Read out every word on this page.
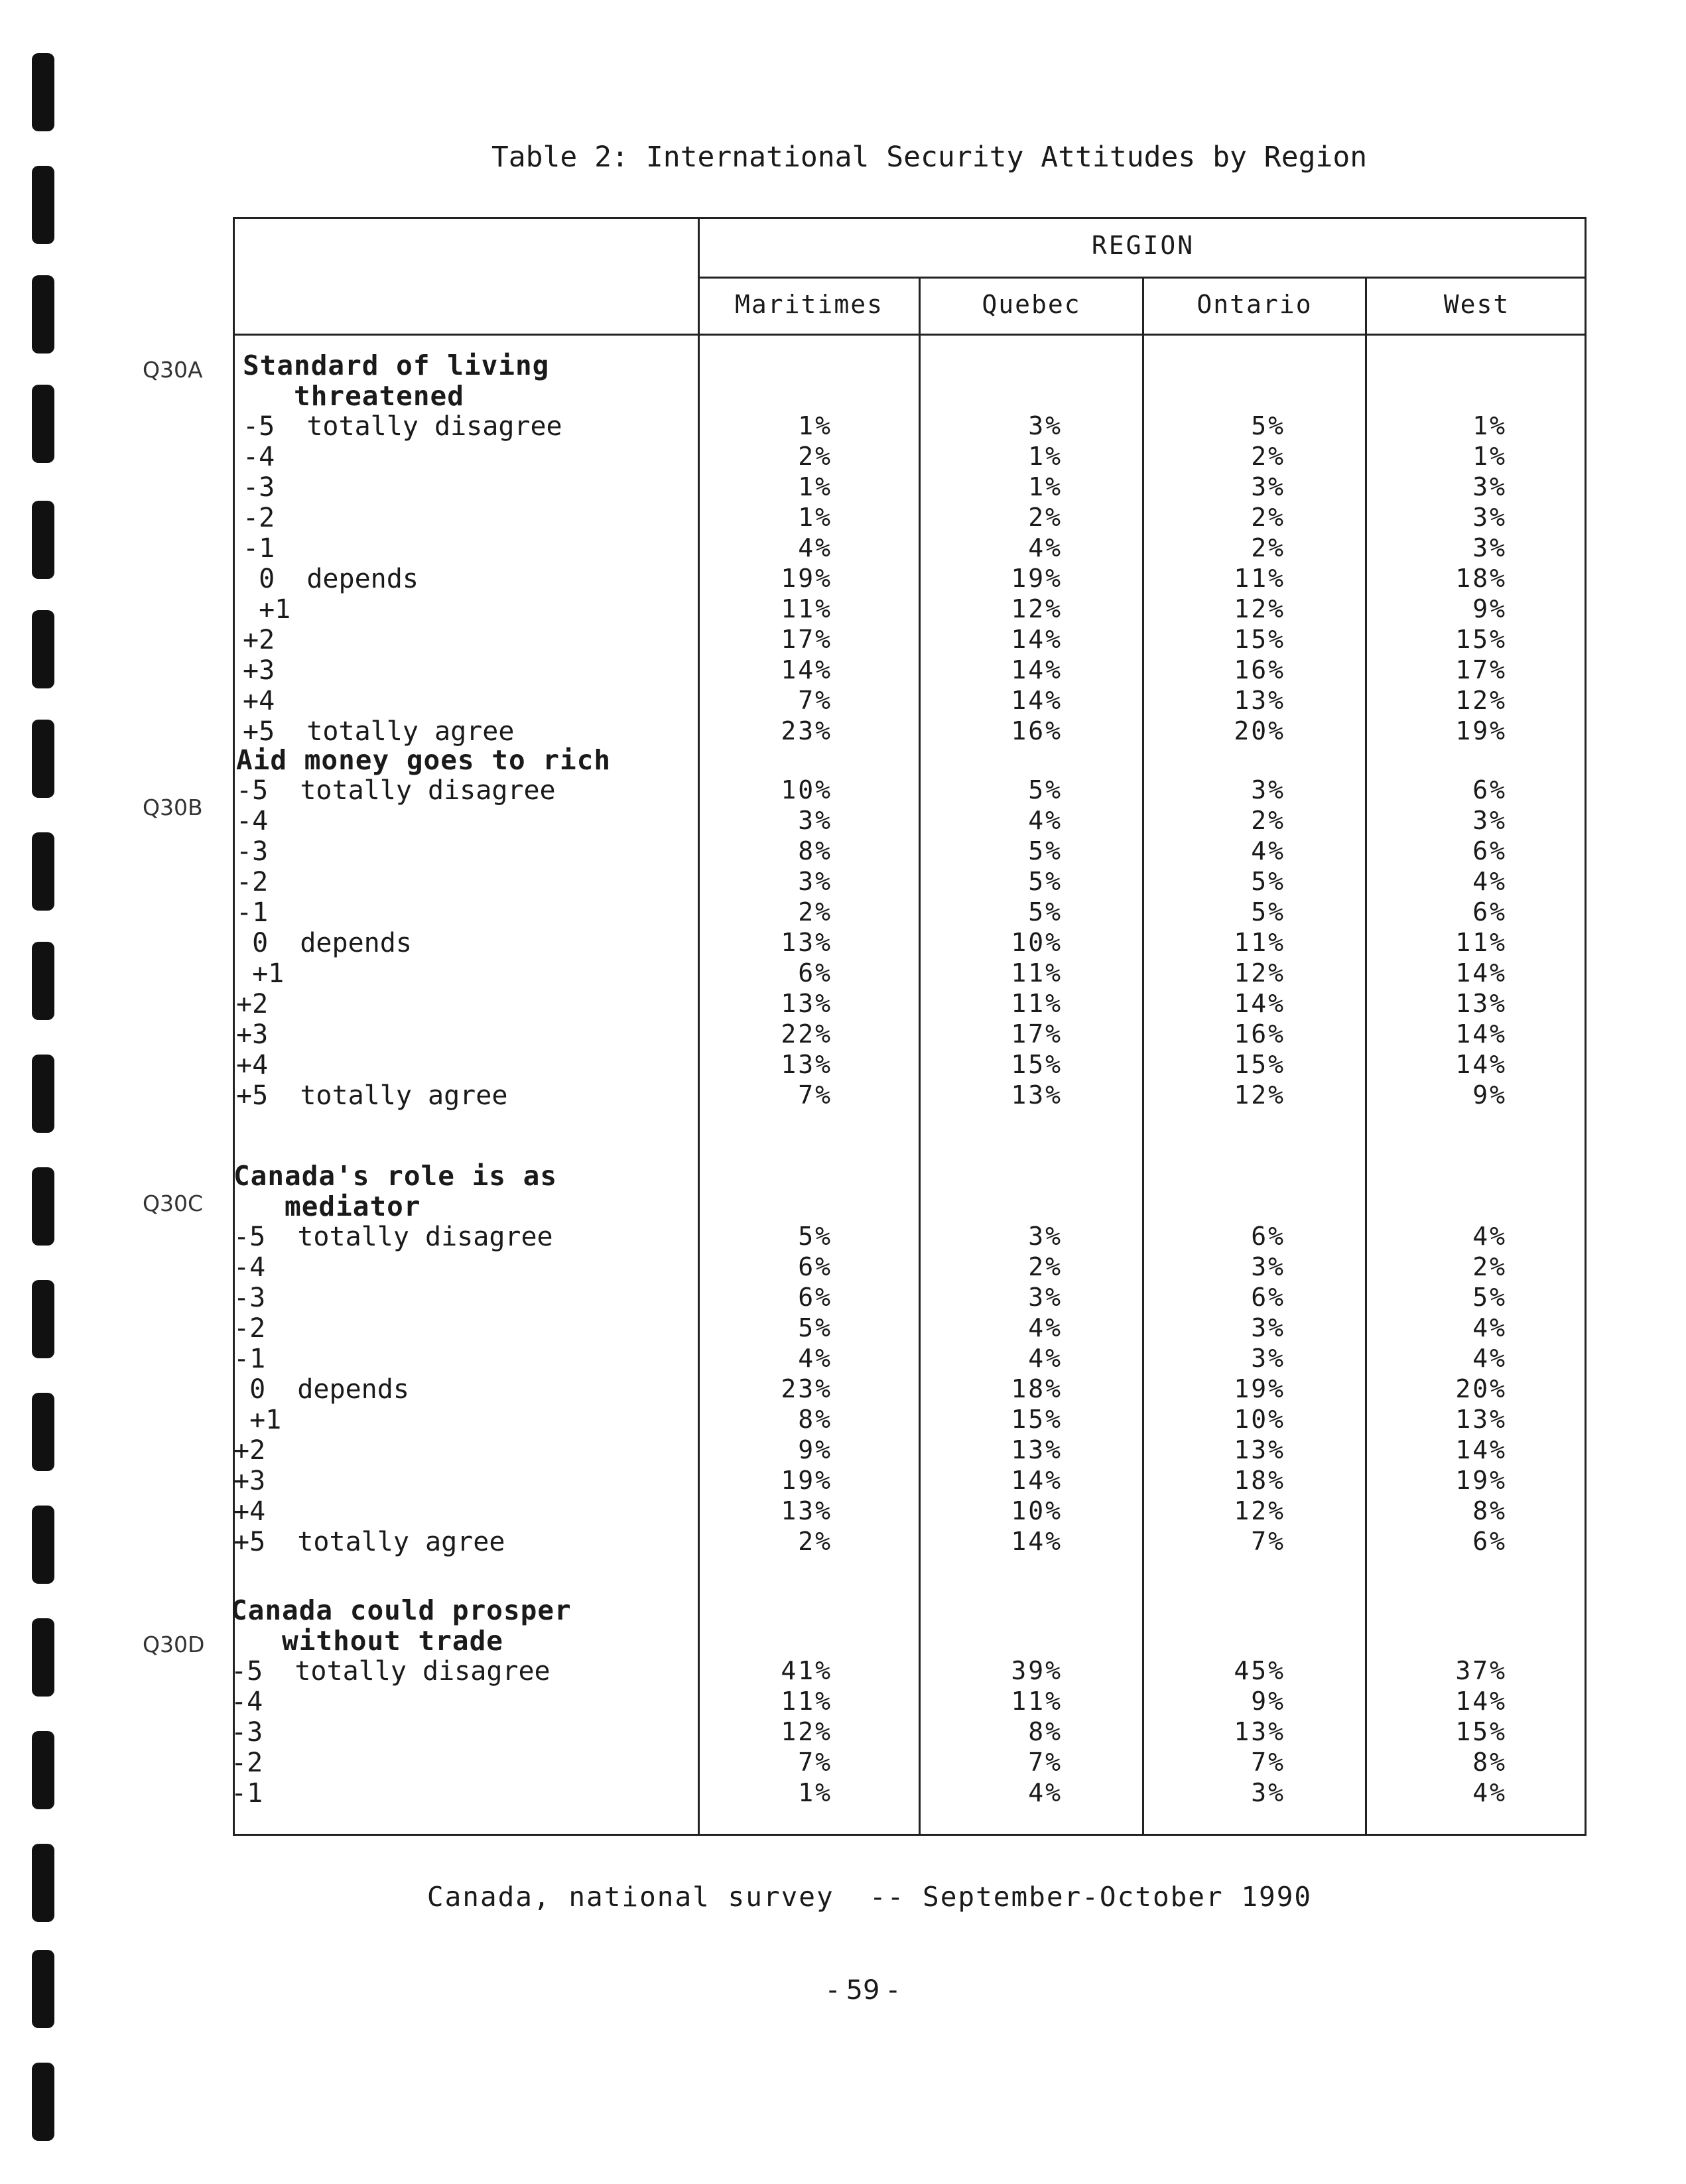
Table 2: International Security Attitudes by Region
REGION
Maritimes	Quebec	Ontario	West
Q30A Standard of living
threatened
-5  totally disagree	1%	3%	5%	1%
-4	2%	1%	2%	1%
-3	1%	1%	3%	3%
-2	1%	2%	2%	3%
-1	4%	4%	2%	3%
0  depends	19%	19%	11%	18%
+1	11%	12%	12%	9%
+2	17%	14%	15%	15%
+3	14%	14%	16%	17%
+4	7%	14%	13%	12%
+5  totally agree	23%	16%	20%	19%
Q30B
Aid money goes to rich
-5  totally disagree	10%	5%	3%	6%
-4	3%	4%	2%	3%
-3	8%	5%	4%	6%
-2	3%	5%	5%	4%
-1	2%	5%	5%	6%
0  depends	13%	10%	11%	11%
+1	6%	11%	12%	14%
+2	13%	11%	14%	13%
+3	22%	17%	16%	14%
+4	13%	15%	15%	14%
+5  totally agree	7%	13%	12%	9%
Q30C
Canada's role is as
mediator
-5  totally disagree	5%	3%	6%	4%
-4	6%	2%	3%	2%
-3	6%	3%	6%	5%
-2	5%	4%	3%	4%
-1	4%	4%	3%	4%
0  depends	23%	18%	19%	20%
+1	8%	15%	10%	13%
+2	9%	13%	13%	14%
+3	19%	14%	18%	19%
+4	13%	10%	12%	8%
+5  totally agree	2%	14%	7%	6%
Q30D
Canada could prosper
without trade
-5  totally disagree	41%	39%	45%	37%
-4	11%	11%	9%	14%
-3	12%	8%	13%	15%
-2	7%	7%	7%	8%
-1	1%	4%	3%	4%
Canada, national survey  -- September-October 1990
- 59 -
